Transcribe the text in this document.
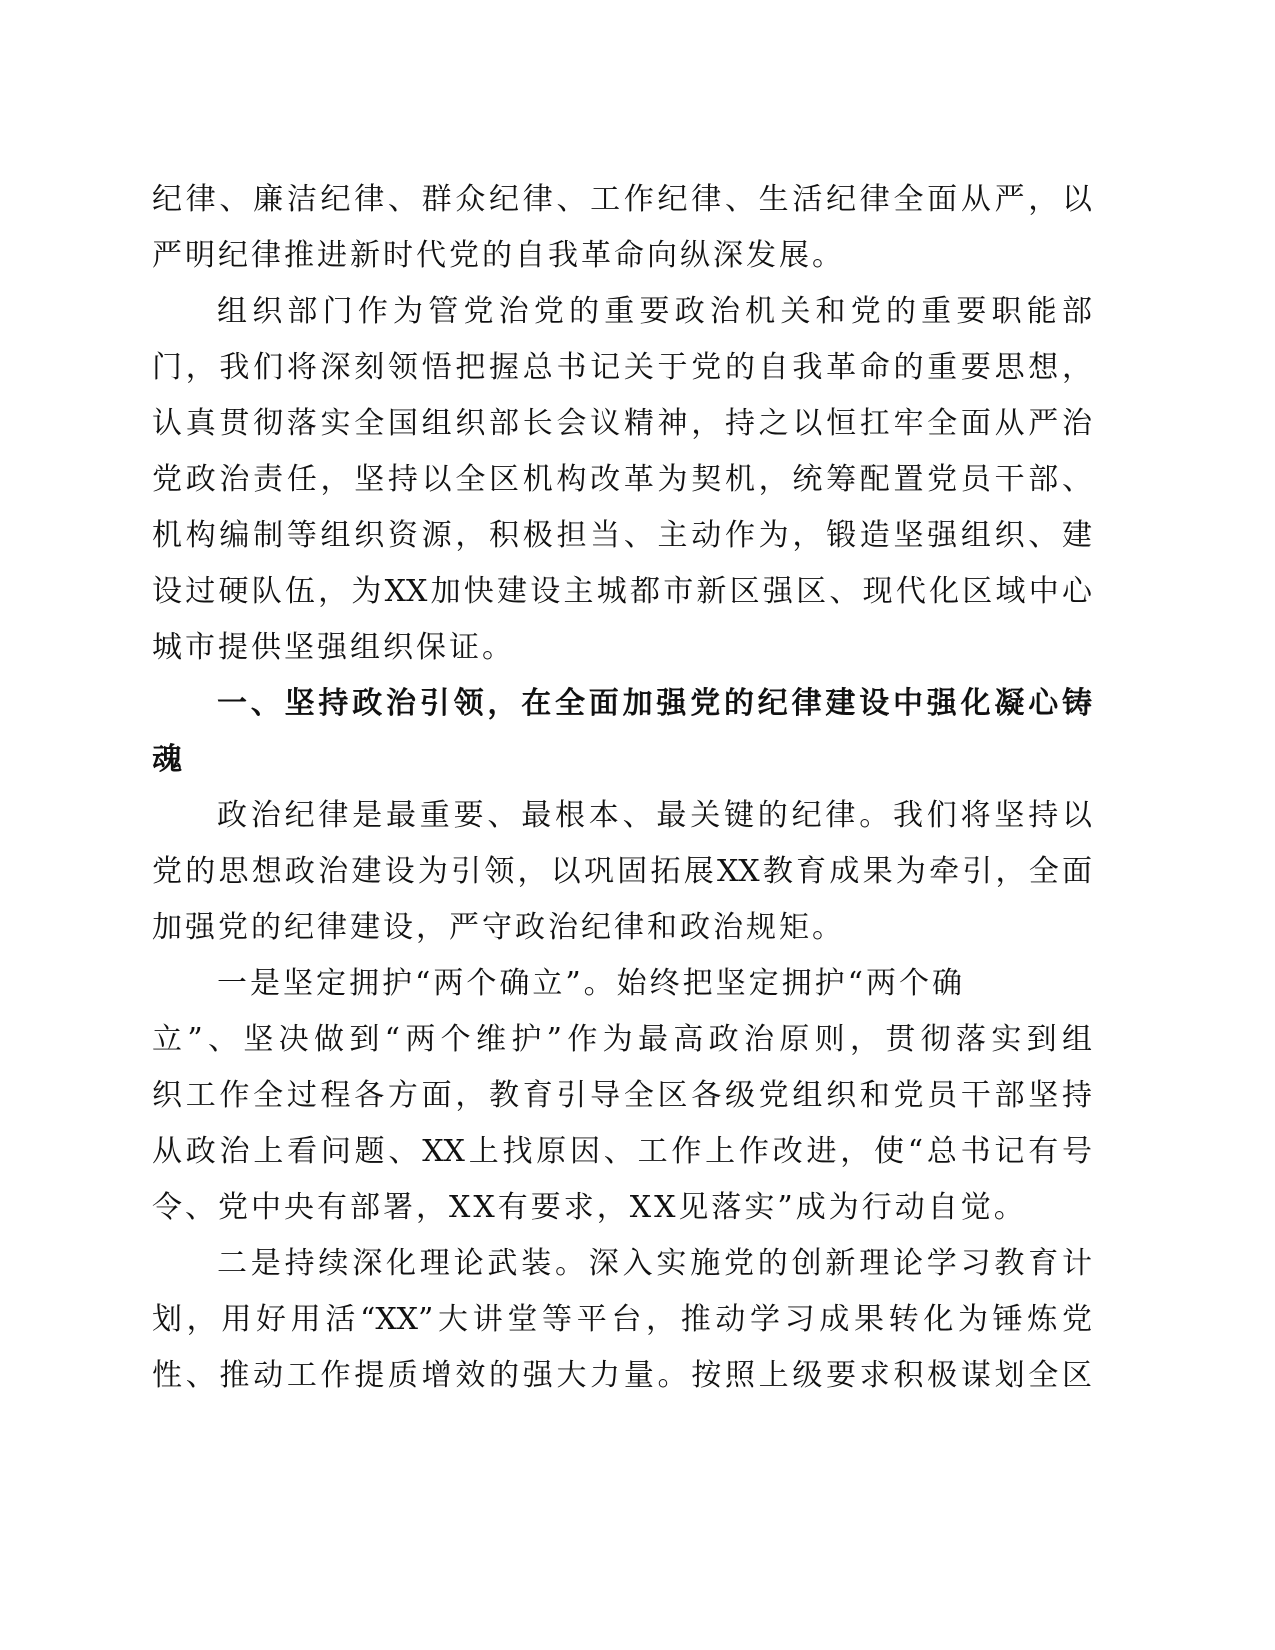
纪律、廉洁纪律、群众纪律、工作纪律、生活纪律全面从严，以
严明纪律推进新时代党的自我革命向纵深发展。
组织部门作为管党治党的重要政治机关和党的重要职能部
门，我们将深刻领悟把握总书记关于党的自我革命的重要思想，
认真贯彻落实全国组织部长会议精神，持之以恒扛牢全面从严治
党政治责任，坚持以全区机构改革为契机，统筹配置党员干部、
机构编制等组织资源，积极担当、主动作为，锻造坚强组织、建
设过硬队伍，为XX加快建设主城都市新区强区、现代化区域中心
城市提供坚强组织保证。
一、坚持政治引领，在全面加强党的纪律建设中强化凝心铸
魂
政治纪律是最重要、最根本、最关键的纪律。我们将坚持以
党的思想政治建设为引领，以巩固拓展XX教育成果为牵引，全面
加强党的纪律建设，严守政治纪律和政治规矩。
一是坚定拥护“两个确立”。始终把坚定拥护“两个确
立”、坚决做到“两个维护”作为最高政治原则，贯彻落实到组
织工作全过程各方面，教育引导全区各级党组织和党员干部坚持
从政治上看问题、XX上找原因、工作上作改进，使“总书记有号
令、党中央有部署，XX有要求，XX见落实”成为行动自觉。
二是持续深化理论武装。深入实施党的创新理论学习教育计
划，用好用活“XX”大讲堂等平台，推动学习成果转化为锤炼党
性、推动工作提质增效的强大力量。按照上级要求积极谋划全区
